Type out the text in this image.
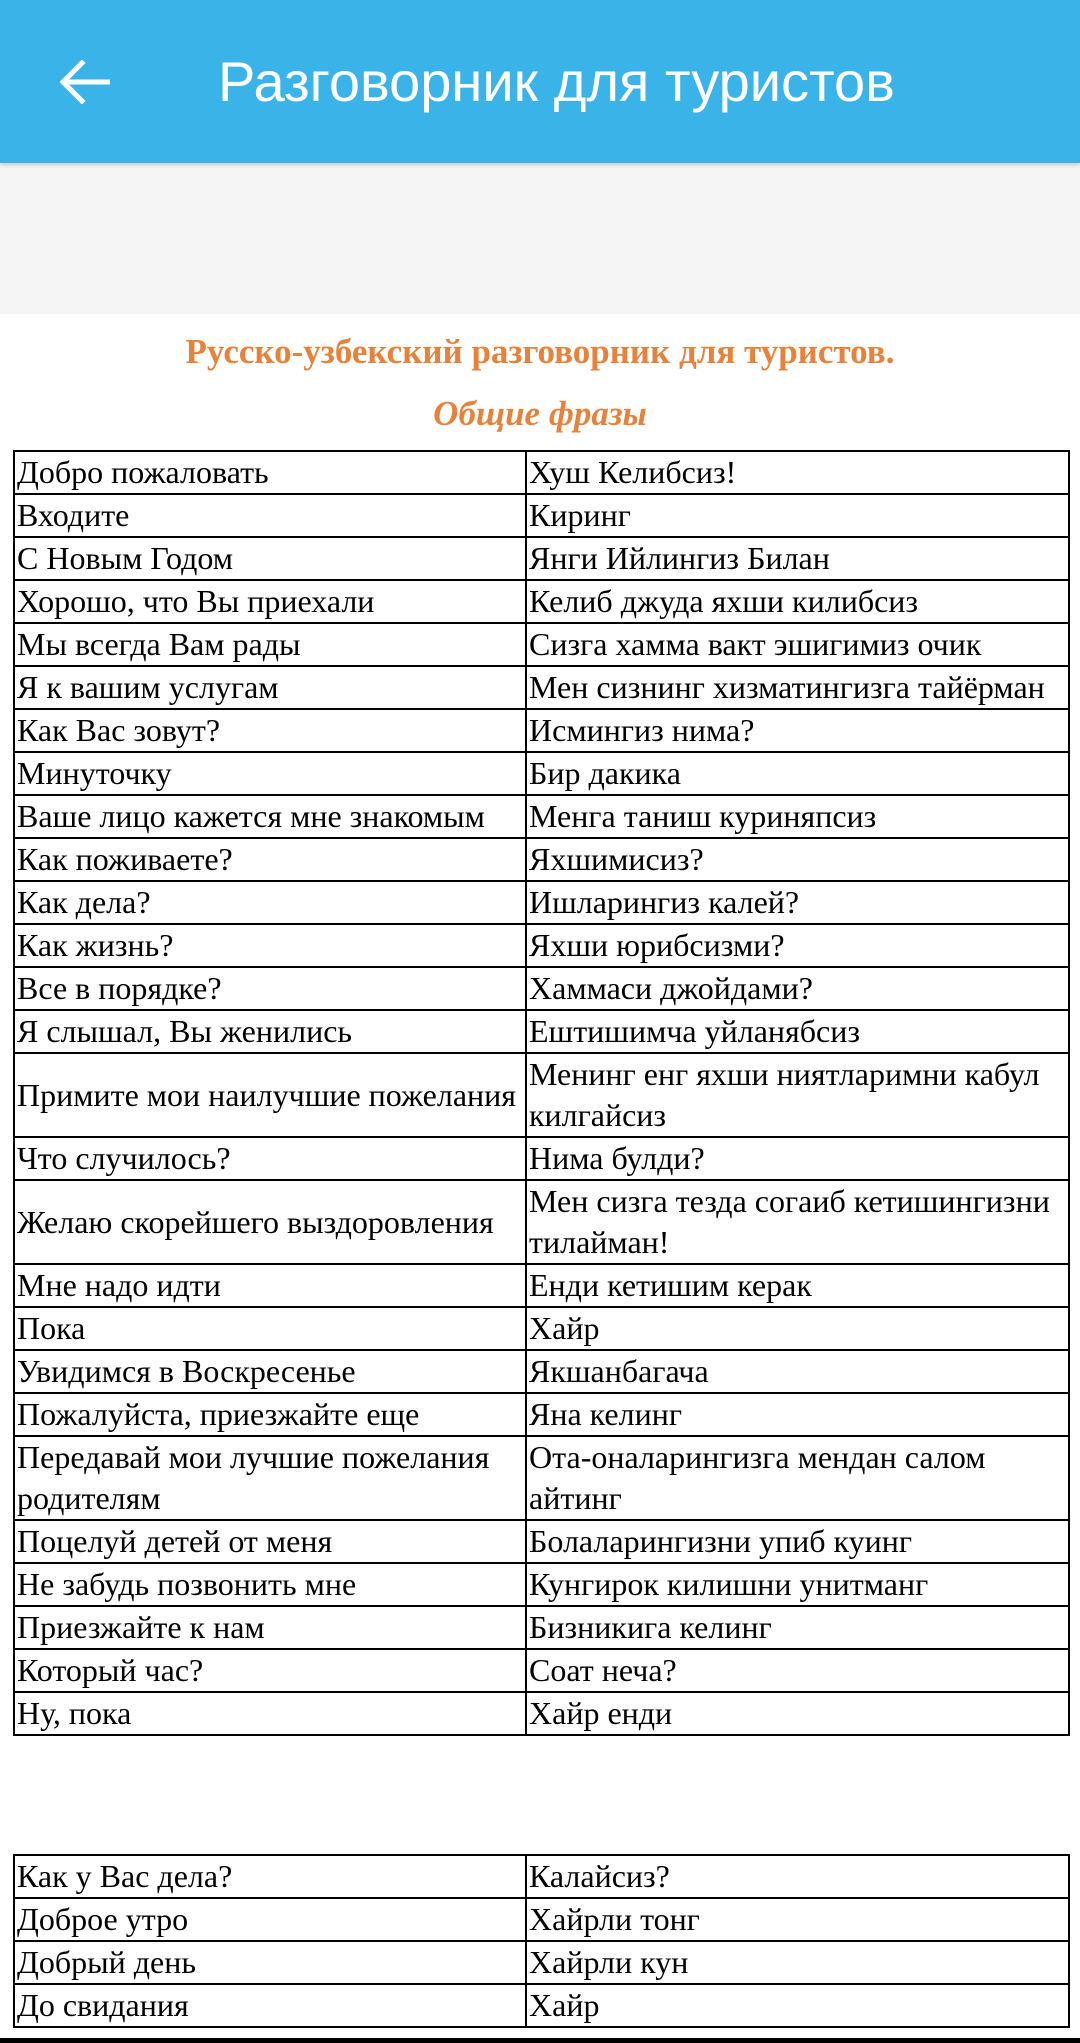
Разговорник для туристов
Русско-узбекский разговорник для туристов.
Общие фразы
Добро пожаловать	Хуш Келибсиз!
Входите	Киринг
С Новым Годом	Янги Ийлингиз Билан
Хорошо, что Вы приехали	Келиб джуда яхши килибсиз
Мы всегда Вам рады	Сизга хамма вакт эшигимиз очик
Я к вашим услугам	Мен сизнинг хизматингизга тайёрман
Как Вас зовут?	Исмингиз нима?
Минуточку	Бир дакика
Ваше лицо кажется мне знакомым	Менга таниш куриняпсиз
Как поживаете?	Яхшимисиз?
Как дела?	Ишларингиз калей?
Как жизнь?	Яхши юрибсизми?
Все в порядке?	Хаммаси джойдами?
Я слышал, Вы женились	Ештишимча уйланябсиз
Примите мои наилучшие пожелания	Менинг енг яхши ниятларимни кабул килгайсиз
Что случилось?	Нима булди?
Желаю скорейшего выздоровления	Мен сизга тезда согаиб кетишингизни тилайман!
Мне надо идти	Енди кетишим керак
Пока	Хайр
Увидимся в Воскресенье	Якшанбагача
Пожалуйста, приезжайте еще	Яна келинг
Передавай мои лучшие пожелания родителям	Ота-оналарингизга мендан салом айтинг
Поцелуй детей от меня	Болаларингизни упиб куинг
Не забудь позвонить мне	Кунгирок килишни унитманг
Приезжайте к нам	Бизникига келинг
Который час?	Соат неча?
Ну, пока	Хайр енди
Как у Вас дела?	Калайсиз?
Доброе утро	Хайрли тонг
Добрый день	Хайрли кун
До свидания	Хайр
